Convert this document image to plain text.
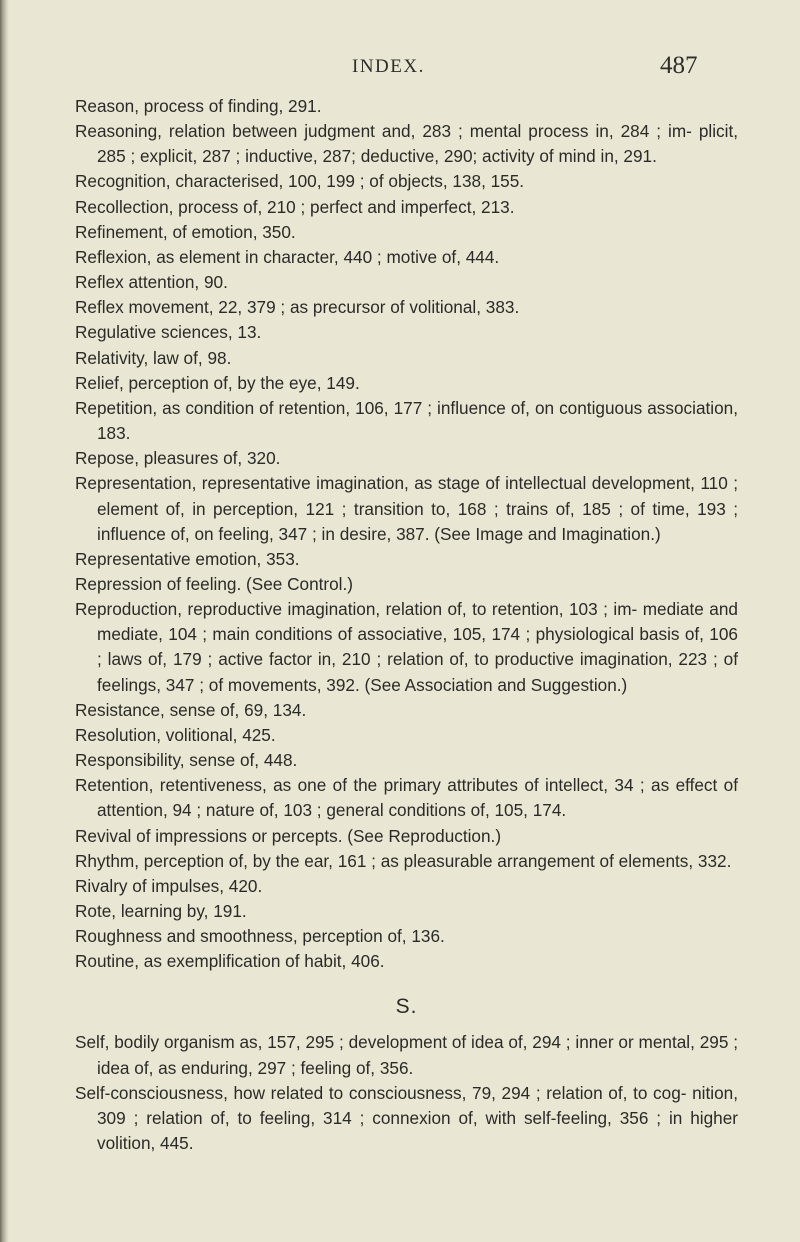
INDEX.	487
Reason, process of finding, 291.
Reasoning, relation between judgment and, 283 ; mental process in, 284 ; im- plicit, 285 ; explicit, 287 ; inductive, 287; deductive, 290; activity of mind in, 291.
Recognition, characterised, 100, 199 ; of objects, 138, 155.
Recollection, process of, 210 ; perfect and imperfect, 213.
Refinement, of emotion, 350.
Reflexion, as element in character, 440 ; motive of, 444.
Reflex attention, 90.
Reflex movement, 22, 379 ; as precursor of volitional, 383.
Regulative sciences, 13.
Relativity, law of, 98.
Relief, perception of, by the eye, 149.
Repetition, as condition of retention, 106, 177 ; influence of, on contiguous association, 183.
Repose, pleasures of, 320.
Representation, representative imagination, as stage of intellectual development, 110 ; element of, in perception, 121 ; transition to, 168 ; trains of, 185 ; of time, 193 ; influence of, on feeling, 347 ; in desire, 387. (See Image and Imagination.)
Representative emotion, 353.
Repression of feeling. (See Control.)
Reproduction, reproductive imagination, relation of, to retention, 103 ; im- mediate and mediate, 104 ; main conditions of associative, 105, 174 ; physiological basis of, 106 ; laws of, 179 ; active factor in, 210 ; relation of, to productive imagination, 223 ; of feelings, 347 ; of movements, 392. (See Association and Suggestion.)
Resistance, sense of, 69, 134.
Resolution, volitional, 425.
Responsibility, sense of, 448.
Retention, retentiveness, as one of the primary attributes of intellect, 34 ; as effect of attention, 94 ; nature of, 103 ; general conditions of, 105, 174.
Revival of impressions or percepts. (See Reproduction.)
Rhythm, perception of, by the ear, 161 ; as pleasurable arrangement of elements, 332.
Rivalry of impulses, 420.
Rote, learning by, 191.
Roughness and smoothness, perception of, 136.
Routine, as exemplification of habit, 406.
S.
Self, bodily organism as, 157, 295 ; development of idea of, 294 ; inner or mental, 295 ; idea of, as enduring, 297 ; feeling of, 356.
Self-consciousness, how related to consciousness, 79, 294 ; relation of, to cog- nition, 309 ; relation of, to feeling, 314 ; connexion of, with self-feeling, 356 ; in higher volition, 445.
